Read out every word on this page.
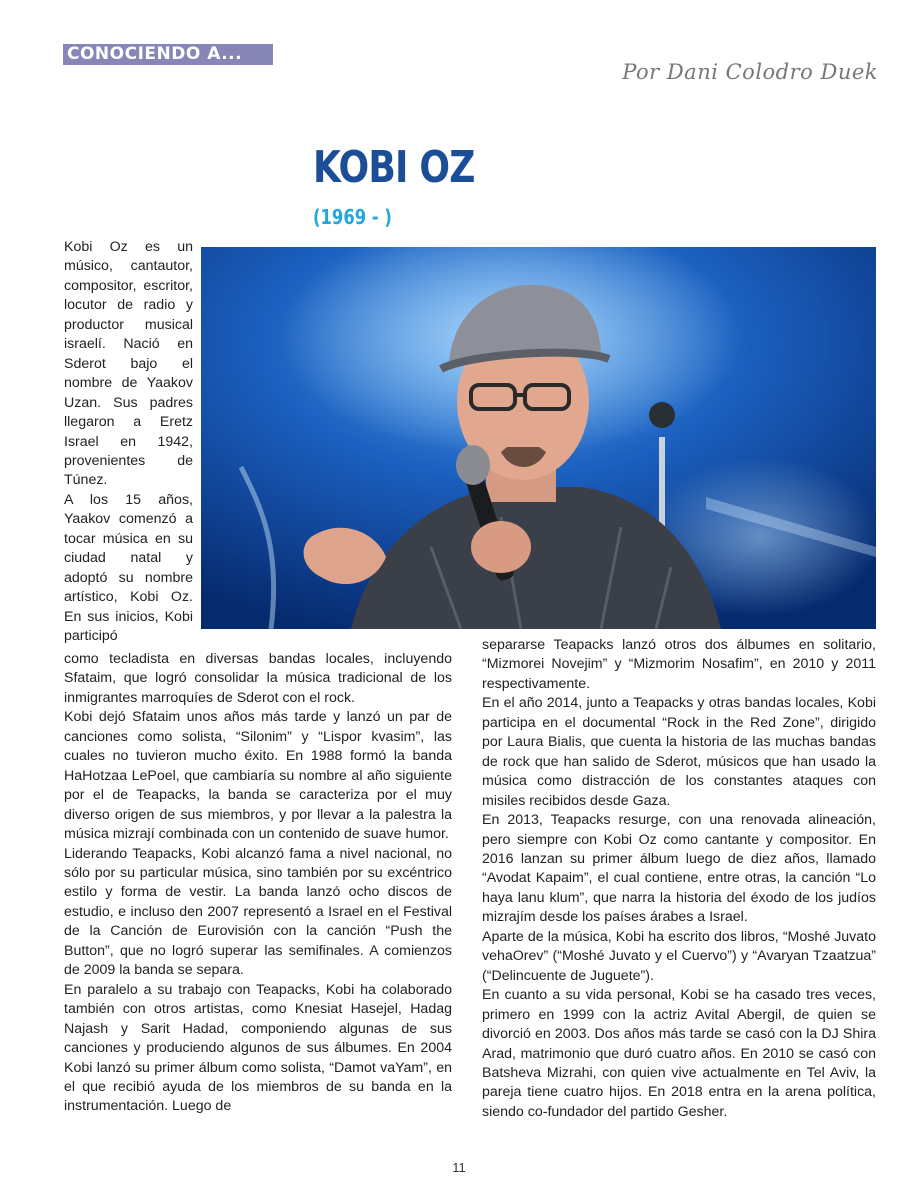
CONOCIENDO A...
Por Dani Colodro Duek
KOBI OZ
(1969 - )

Kobi Oz es un músico, cantautor, compositor, escritor, locutor de radio y productor musical israelí. Nació en Sderot bajo el nombre de Yaakov Uzan. Sus padres llegaron a Eretz Israel en 1942, provenientes de Túnez.

A los 15 años, Yaakov comenzó a tocar música en su ciudad natal y adoptó su nombre artístico, Kobi Oz. En sus inicios, Kobi participó

como tecladista en diversas bandas locales, incluyendo Sfataim, que logró consolidar la música tradicional de los inmigrantes marroquíes de Sderot con el rock.

Kobi dejó Sfataim unos años más tarde y lanzó un par de canciones como solista, “Silonim” y “Lispor kvasim”, las cuales no tuvieron mucho éxito. En 1988 formó la banda HaHotzaa LePoel, que cambiaría su nombre al año siguiente por el de Teapacks, la banda se caracteriza por el muy diverso origen de sus miembros, y por llevar a la palestra la música mizrají combinada con un contenido de suave humor.

Liderando Teapacks, Kobi alcanzó fama a nivel nacional, no sólo por su particular música, sino también por su excéntrico estilo y forma de vestir. La banda lanzó ocho discos de estudio, e incluso den 2007 representó a Israel en el Festival de la Canción de Eurovisión con la canción “Push the Button”, que no logró superar las semifinales. A comienzos de 2009 la banda se separa.

En paralelo a su trabajo con Teapacks, Kobi ha colaborado también con otros artistas, como Knesiat Hasejel, Hadag Najash y Sarit Hadad, componiendo algunas de sus canciones y produciendo algunos de sus álbumes. En 2004 Kobi lanzó su primer álbum como solista, “Damot vaYam”, en el que recibió ayuda de los miembros de su banda en la instrumentación. Luego de

separarse Teapacks lanzó otros dos álbumes en solitario, “Mizmorei Novejim” y “Mizmorim Nosafim”, en 2010 y 2011 respectivamente.

En el año 2014, junto a Teapacks y otras bandas locales, Kobi participa en el documental “Rock in the Red Zone”, dirigido por Laura Bialis, que cuenta la historia de las muchas bandas de rock que han salido de Sderot, músicos que han usado la música como distracción de los constantes ataques con misiles recibidos desde Gaza.

En 2013, Teapacks resurge, con una renovada alineación, pero siempre con Kobi Oz como cantante y compositor. En 2016 lanzan su primer álbum luego de diez años, llamado “Avodat Kapaim”, el cual contiene, entre otras, la canción “Lo haya lanu klum”, que narra la historia del éxodo de los judíos mizrajím desde los países árabes a Israel.

Aparte de la música, Kobi ha escrito dos libros, “Moshé Juvato vehaOrev” (“Moshé Juvato y el Cuervo”) y “Avaryan Tzaatzua” (“Delincuente de Juguete”).

En cuanto a su vida personal, Kobi se ha casado tres veces, primero en 1999 con la actriz Avital Abergil, de quien se divorció en 2003. Dos años más tarde se casó con la DJ Shira Arad, matrimonio que duró cuatro años. En 2010 se casó con Batsheva Mizrahi, con quien vive actualmente en Tel Aviv, la pareja tiene cuatro hijos. En 2018 entra en la arena política, siendo co-fundador del partido Gesher.

11
